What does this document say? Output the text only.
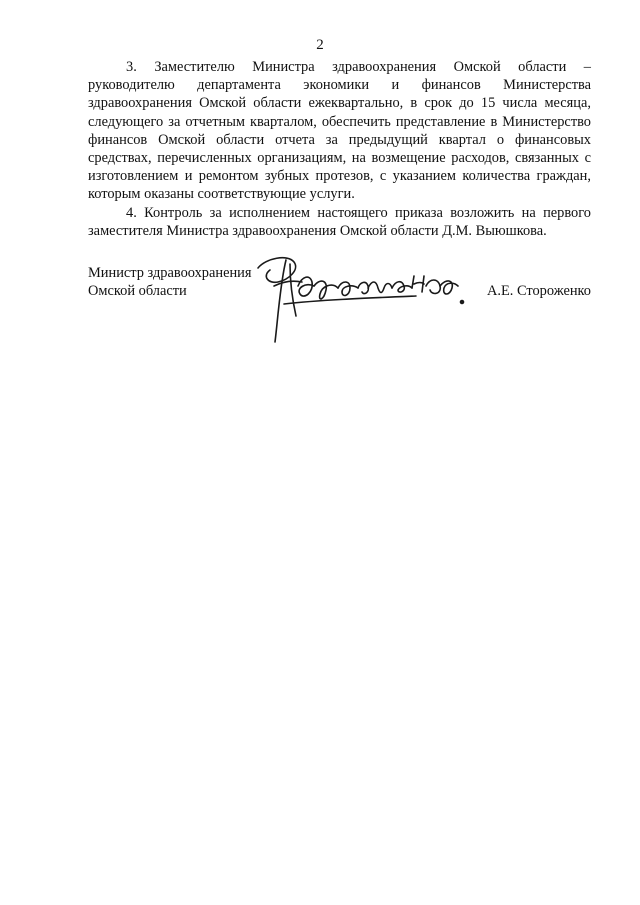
2

3. Заместителю Министра здравоохранения Омской области – руководителю департамента экономики и финансов Министерства здравоохранения Омской области ежеквартально, в срок до 15 числа месяца, следующего за отчетным кварталом, обеспечить представление в Министерство финансов Омской области отчета за предыдущий квартал о финансовых средствах, перечисленных организациям, на возмещение расходов, связанных с изготовлением и ремонтом зубных протезов, с указанием количества граждан, которым оказаны соответствующие услуги.

4. Контроль за исполнением настоящего приказа возложить на первого заместителя Министра здравоохранения Омской области Д.М. Выюшкова.

Министр здравоохранения
Омской области	А.Е. Стороженко
